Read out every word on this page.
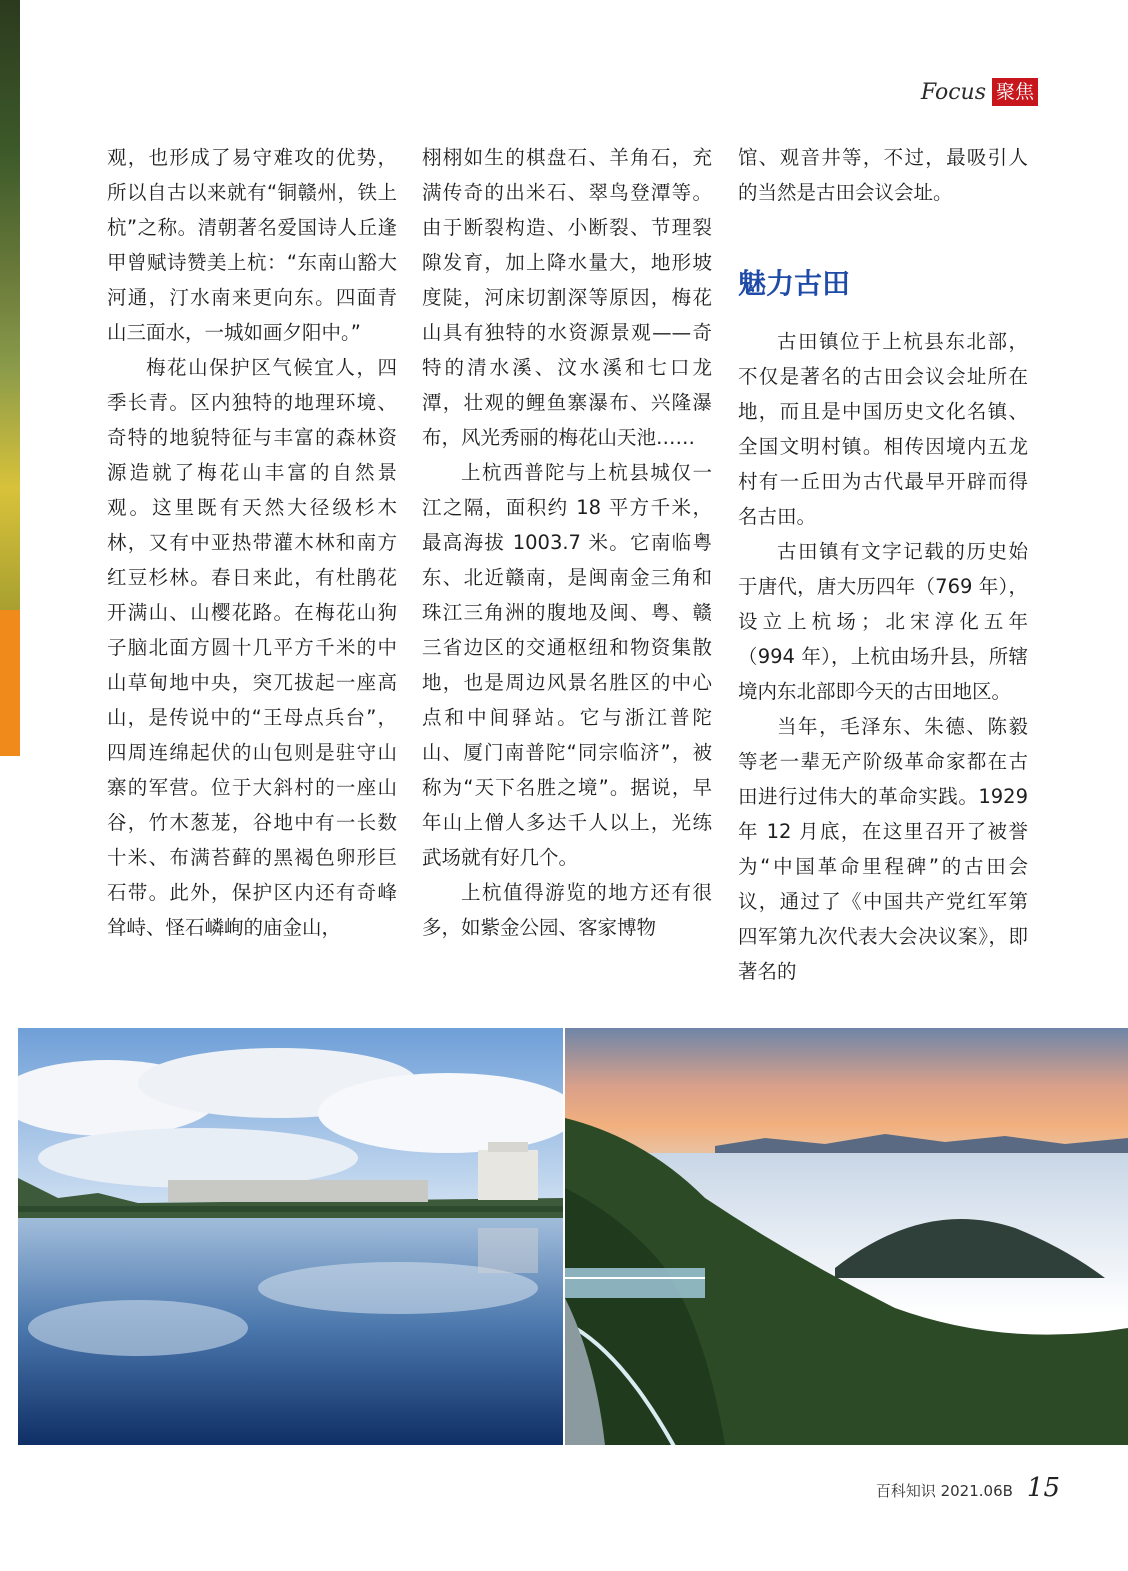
Focus 聚焦

观，也形成了易守难攻的优势，所以自古以来就有“铜赣州，铁上杭”之称。清朝著名爱国诗人丘逢甲曾赋诗赞美上杭：“东南山豁大河通，汀水南来更向东。四面青山三面水，一城如画夕阳中。”

梅花山保护区气候宜人，四季长青。区内独特的地理环境、奇特的地貌特征与丰富的森林资源造就了梅花山丰富的自然景观。这里既有天然大径级杉木林，又有中亚热带灌木林和南方红豆杉林。春日来此，有杜鹃花开满山、山樱花路。在梅花山狗子脑北面方圆十几平方千米的中山草甸地中央，突兀拔起一座高山，是传说中的“王母点兵台”，四周连绵起伏的山包则是驻守山寨的军营。位于大斜村的一座山谷，竹木葱茏，谷地中有一长数十米、布满苔藓的黑褐色卵形巨石带。此外，保护区内还有奇峰耸峙、怪石嶙峋的庙金山，

栩栩如生的棋盘石、羊角石，充满传奇的出米石、翠鸟登潭等。由于断裂构造、小断裂、节理裂隙发育，加上降水量大，地形坡度陡，河床切割深等原因，梅花山具有独特的水资源景观——奇特的清水溪、汶水溪和七口龙潭，壮观的鲤鱼寨瀑布、兴隆瀑布，风光秀丽的梅花山天池……

上杭西普陀与上杭县城仅一江之隔，面积约 18 平方千米，最高海拔 1003.7 米。它南临粤东、北近赣南，是闽南金三角和珠江三角洲的腹地及闽、粤、赣三省边区的交通枢纽和物资集散地，也是周边风景名胜区的中心点和中间驿站。它与浙江普陀山、厦门南普陀“同宗临济”，被称为“天下名胜之境”。据说，早年山上僧人多达千人以上，光练武场就有好几个。

上杭值得游览的地方还有很多，如紫金公园、客家博物

馆、观音井等，不过，最吸引人的当然是古田会议会址。

魅力古田

古田镇位于上杭县东北部，不仅是著名的古田会议会址所在地，而且是中国历史文化名镇、全国文明村镇。相传因境内五龙村有一丘田为古代最早开辟而得名古田。

古田镇有文字记载的历史始于唐代，唐大历四年（769 年），设立上杭场；北宋淳化五年（994 年），上杭由场升县，所辖境内东北部即今天的古田地区。

当年，毛泽东、朱德、陈毅等老一辈无产阶级革命家都在古田进行过伟大的革命实践。1929 年 12 月底，在这里召开了被誉为“中国革命里程碑”的古田会议，通过了《中国共产党红军第四军第九次代表大会决议案》，即著名的

百科知识 2021.06B 15
